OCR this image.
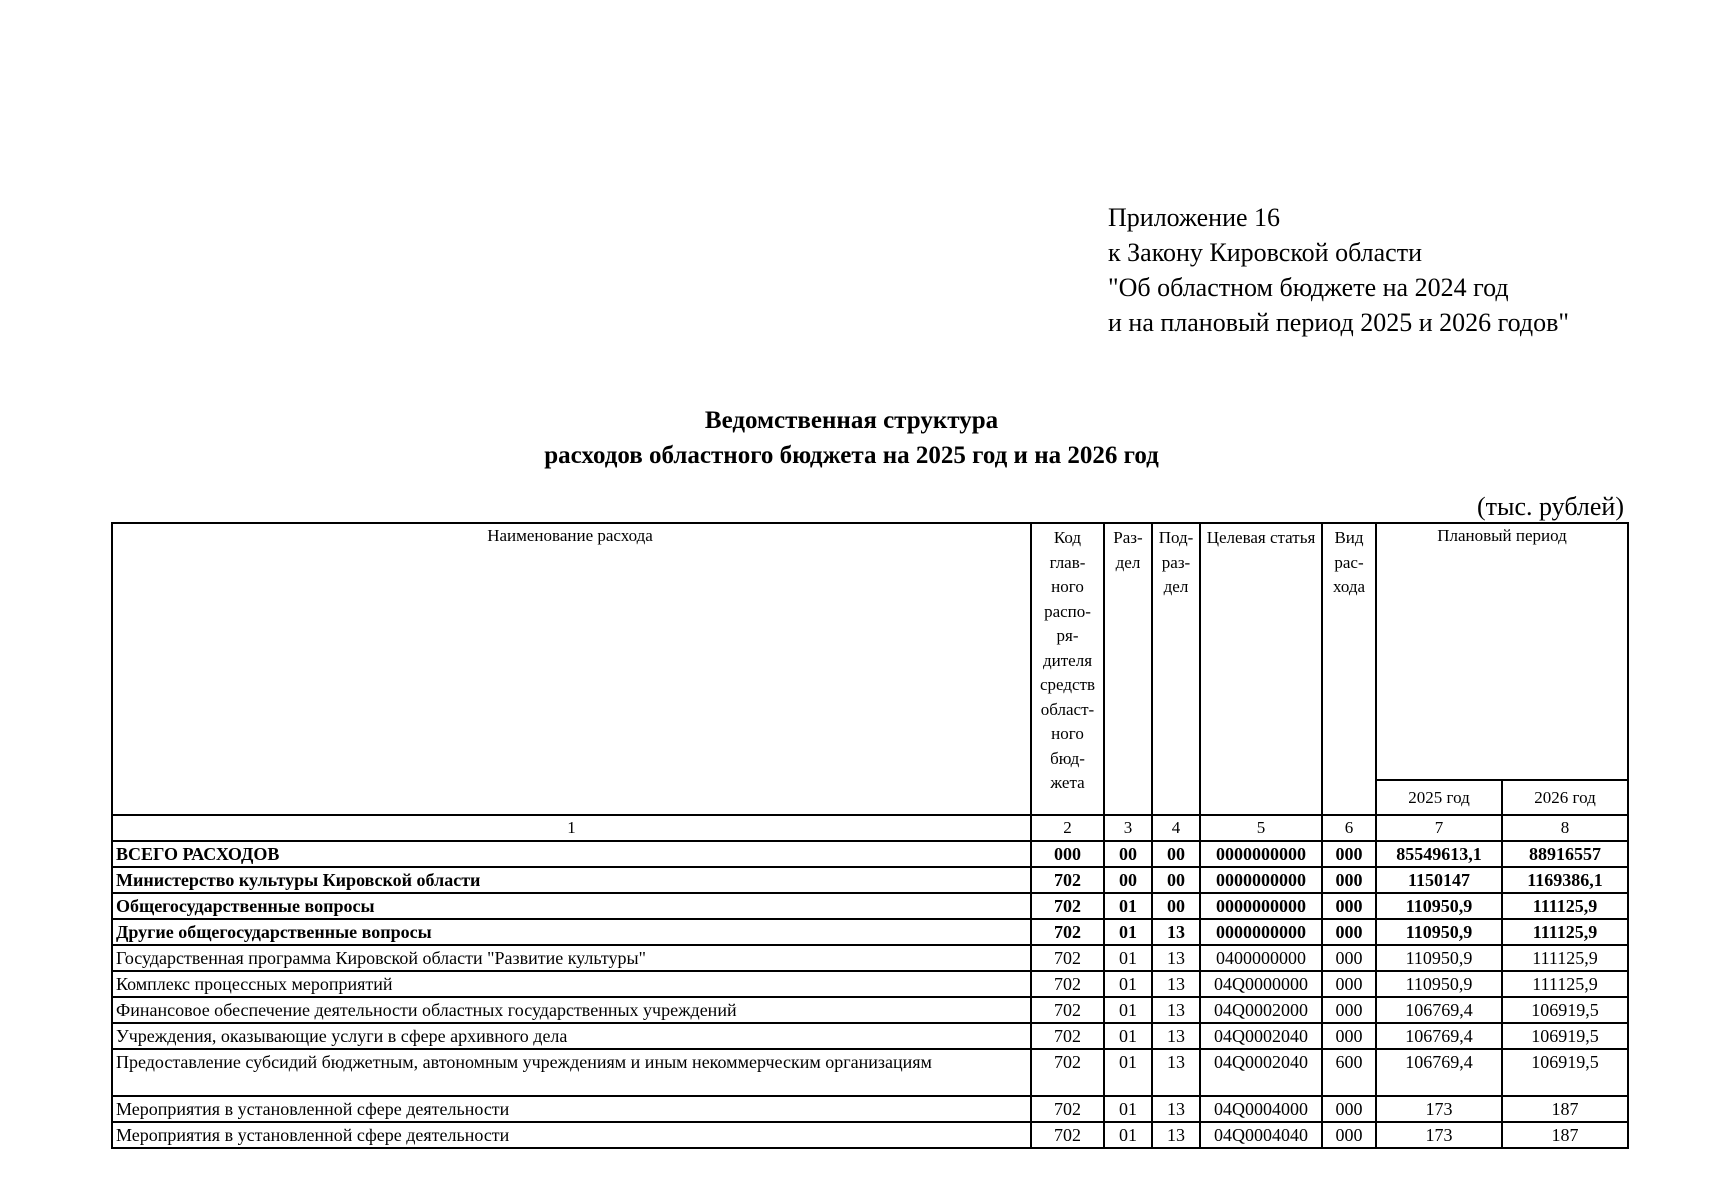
Приложение 16
к Закону Кировской области
"Об областном бюджете на 2024 год
и на плановый период 2025 и 2026 годов"
Ведомственная структура
расходов областного бюджета на 2025 год и на 2026 год
(тыс. рублей)
Наименование расхода	Код глав-ного распо-ря-дителя средств област-ного бюд-жета	Раз-дел	Под-раз-дел	Целевая статья	Вид рас-хода	Плановый период	
						2025 год	2026 год
1	2	3	4	5	6	7	8
ВСЕГО РАСХОДОВ	000	00	00	0000000000	000	85549613,1	88916557
Министерство культуры Кировской области	702	00	00	0000000000	000	1150147	1169386,1
Общегосударственные вопросы	702	01	00	0000000000	000	110950,9	111125,9
Другие общегосударственные вопросы	702	01	13	0000000000	000	110950,9	111125,9
Государственная программа Кировской области "Развитие культуры"	702	01	13	0400000000	000	110950,9	111125,9
Комплекс процессных мероприятий	702	01	13	04Q0000000	000	110950,9	111125,9
Финансовое обеспечение деятельности областных государственных учреждений	702	01	13	04Q0002000	000	106769,4	106919,5
Учреждения, оказывающие услуги в сфере архивного дела	702	01	13	04Q0002040	000	106769,4	106919,5
Предоставление субсидий бюджетным, автономным учреждениям и иным некоммерческим организациям	702	01	13	04Q0002040	600	106769,4	106919,5
Мероприятия в установленной сфере деятельности	702	01	13	04Q0004000	000	173	187
Мероприятия в установленной сфере деятельности	702	01	13	04Q0004040	000	173	187
